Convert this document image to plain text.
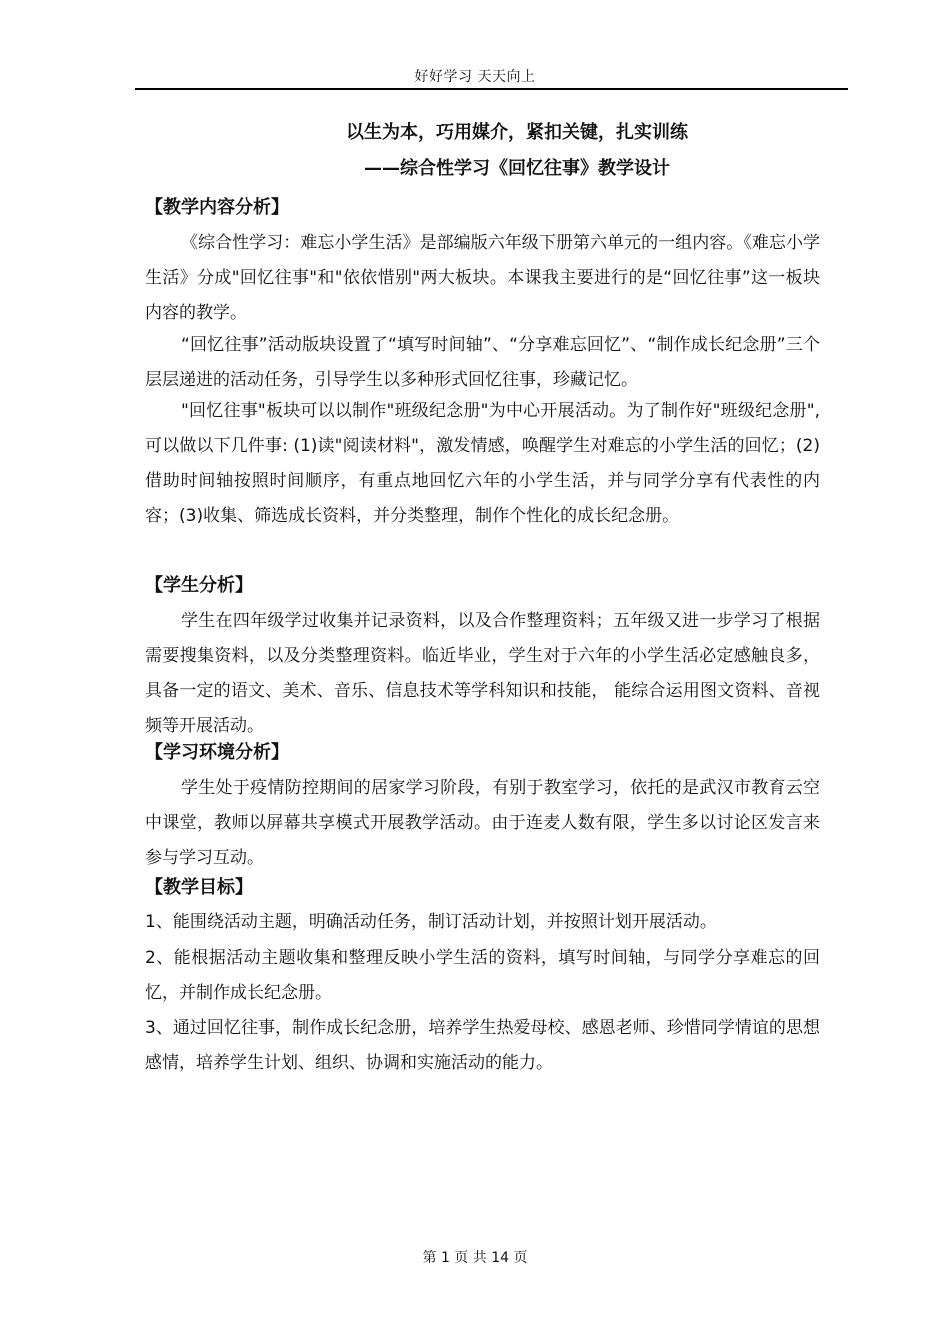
好好学习 天天向上
以生为本，巧用媒介，紧扣关键，扎实训练
——综合性学习《回忆往事》教学设计
【教学内容分析】

《综合性学习：难忘小学生活》是部编版六年级下册第六单元的一组内容。《难忘小学生活》分成"回忆往事"和"依依惜别"两大板块。本课我主要进行的是“回忆往事”这一板块内容的教学。

“回忆往事”活动版块设置了“填写时间轴”、“分享难忘回忆”、“制作成长纪念册”三个层层递进的活动任务，引导学生以多种形式回忆往事，珍藏记忆。

"回忆往事"板块可以以制作"班级纪念册"为中心开展活动。为了制作好"班级纪念册",可以做以下几件事: (1)读"阅读材料"，激发情感，唤醒学生对难忘的小学生活的回忆；(2)借助时间轴按照时间顺序，有重点地回忆六年的小学生活，并与同学分享有代表性的内容；(3)收集、筛选成长资料，并分类整理，制作个性化的成长纪念册。

【学生分析】

学生在四年级学过收集并记录资料，以及合作整理资料；五年级又进一步学习了根据需要搜集资料，以及分类整理资料。临近毕业，学生对于六年的小学生活必定感触良多，具备一定的语文、美术、音乐、信息技术等学科知识和技能， 能综合运用图文资料、音视频等开展活动。

【学习环境分析】

学生处于疫情防控期间的居家学习阶段，有别于教室学习，依托的是武汉市教育云空中课堂，教师以屏幕共享模式开展教学活动。由于连麦人数有限，学生多以讨论区发言来参与学习互动。

【教学目标】

1、能围绕活动主题，明确活动任务，制订活动计划，并按照计划开展活动。

2、能根据活动主题收集和整理反映小学生活的资料，填写时间轴，与同学分享难忘的回忆，并制作成长纪念册。

3、通过回忆往事，制作成长纪念册，培养学生热爱母校、感恩老师、珍惜同学情谊的思想感情，培养学生计划、组织、协调和实施活动的能力。

第 1 页 共 14 页
